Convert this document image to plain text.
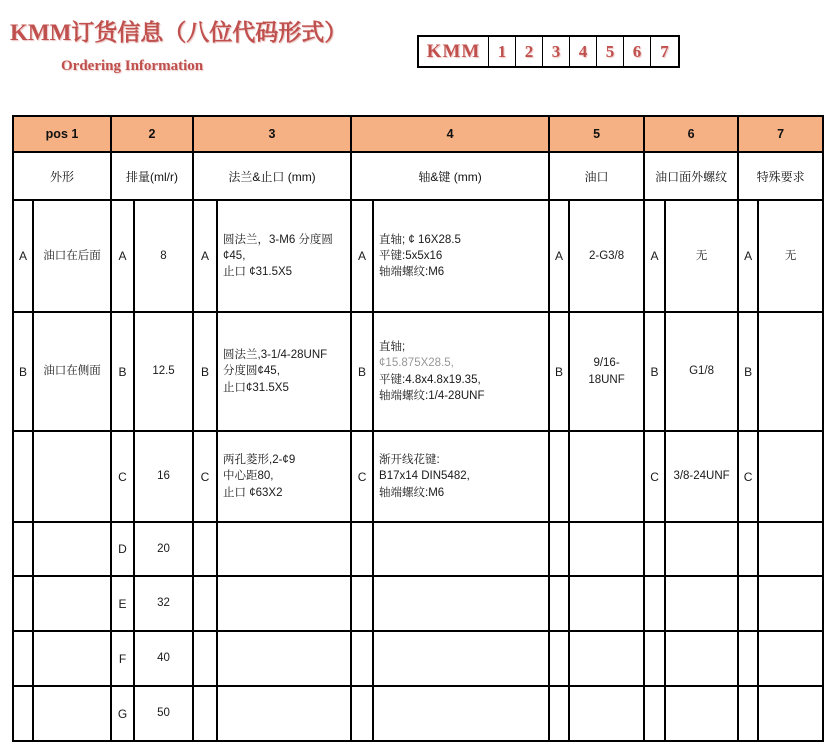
KMM订货信息（八位代码形式）
Ordering Information
KMM	1	2	3	4	5	6	7
pos 1		2		3		4		5		6		7	
外形		排量(ml/r)		法兰&止口 (mm)		轴&键 (mm)		油口		油口面外螺纹		特殊要求	
A	油口在后面	A	8	A	
圆法兰，3-M6 分度圆
¢45,
止口 ¢31.5X5
	A	
直轴; ¢ 16X28.5
平键:5x5x16
轴端螺纹:M6
	A	2-G3/8	A	无	A	无

B	油口在侧面	B	12.5	B	
圆法兰,3-1/4-28UNF
分度圆¢45,
止口¢31.5X5
	B	
直轴;
¢15.875X28.5,
平键:4.8x4.8x19.35,
轴端螺纹:1/4-28UNF
	B	
9/16-
18UNF
	B	G1/8	B	
		C	16	C	
两孔菱形,2-¢9
中心距80,
止口 ¢63X2
	C	
渐开线花键:
B17x14 DIN5482,
轴端螺纹:M6
			C	3/8-24UNF	C	
		D	20										

		E	32										

		F	40										

		G	50										
